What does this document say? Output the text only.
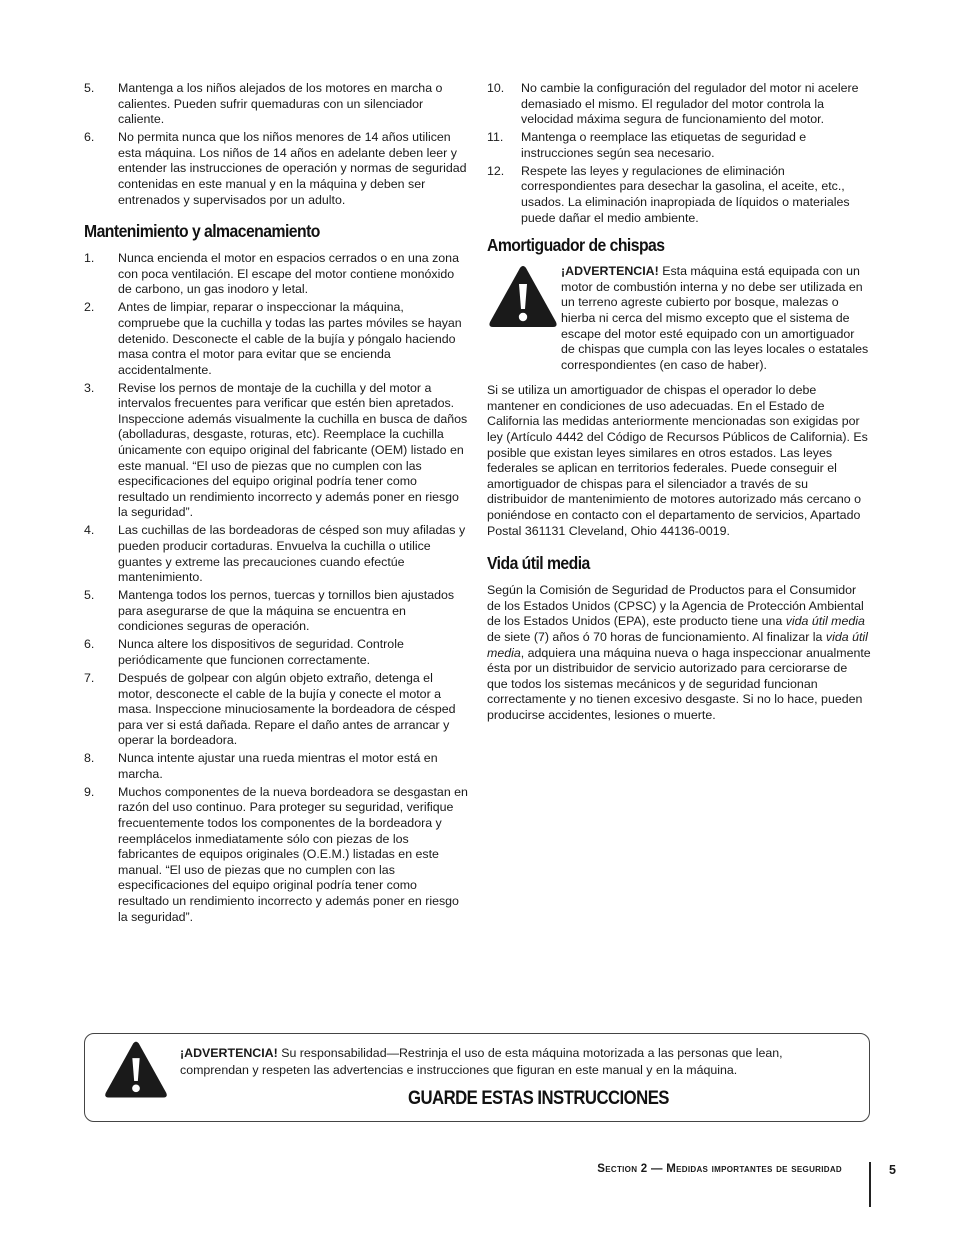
5. Mantenga a los niños alejados de los motores en marcha o calientes. Pueden sufrir quemaduras con un silenciador caliente.
6. No permita nunca que los niños menores de 14 años utilicen esta máquina. Los niños de 14 años en adelante deben leer y entender las instrucciones de operación y normas de seguridad contenidas en este manual y en la máquina y deben ser entrenados y supervisados por un adulto.
Mantenimiento y almacenamiento
1. Nunca encienda el motor en espacios cerrados o en una zona con poca ventilación. El escape del motor contiene monóxido de carbono, un gas inodoro y letal.
2. Antes de limpiar, reparar o inspeccionar la máquina, compruebe que la cuchilla y todas las partes móviles se hayan detenido. Desconecte el cable de la bujía y póngalo haciendo masa contra el motor para evitar que se encienda accidentalmente.
3. Revise los pernos de montaje de la cuchilla y del motor a intervalos frecuentes para verificar que estén bien apretados. Inspeccione además visualmente la cuchilla en busca de daños (abolladuras, desgaste, roturas, etc). Reemplace la cuchilla únicamente con equipo original del fabricante (OEM) listado en este manual. “El uso de piezas que no cumplen con las especificaciones del equipo original podría tener como resultado un rendimiento incorrecto y además poner en riesgo la seguridad”.
4. Las cuchillas de las bordeadoras de césped son muy afiladas y pueden producir cortaduras. Envuelva la cuchilla o utilice guantes y extreme las precauciones cuando efectúe mantenimiento.
5. Mantenga todos los pernos, tuercas y tornillos bien ajustados para asegurarse de que la máquina se encuentra en condiciones seguras de operación.
6. Nunca altere los dispositivos de seguridad. Controle periódicamente que funcionen correctamente.
7. Después de golpear con algún objeto extraño, detenga el motor, desconecte el cable de la bujía y conecte el motor a masa. Inspeccione minuciosamente la bordeadora de césped para ver si está dañada. Repare el daño antes de arrancar y operar la bordeadora.
8. Nunca intente ajustar una rueda mientras el motor está en marcha.
9. Muchos componentes de la nueva bordeadora se desgastan en razón del uso continuo. Para proteger su seguridad, verifique frecuentemente todos los componentes de la bordeadora y reemplácelos inmediatamente sólo con piezas de los fabricantes de equipos originales (O.E.M.) listadas en este manual. “El uso de piezas que no cumplen con las especificaciones del equipo original podría tener como resultado un rendimiento incorrecto y además poner en riesgo la seguridad”.
10. No cambie la configuración del regulador del motor ni acelere demasiado el mismo. El regulador del motor controla la velocidad máxima segura de funcionamiento del motor.
11. Mantenga o reemplace las etiquetas de seguridad e instrucciones según sea necesario.
12. Respete las leyes y regulaciones de eliminación correspondientes para desechar la gasolina, el aceite, etc., usados. La eliminación inapropiada de líquidos o materiales puede dañar el medio ambiente.
Amortiguador de chispas
¡ADVERTENCIA! Esta máquina está equipada con un motor de combustión interna y no debe ser utilizada en un terreno agreste cubierto por bosque, malezas o hierba ni cerca del mismo excepto que el sistema de escape del motor esté equipado con un amortiguador de chispas que cumpla con las leyes locales o estatales correspondientes (en caso de haber).

Si se utiliza un amortiguador de chispas el operador lo debe mantener en condiciones de uso adecuadas. En el Estado de California las medidas anteriormente mencionadas son exigidas por ley (Artículo 4442 del Código de Recursos Públicos de California). Es posible que existan leyes similares en otros estados. Las leyes federales se aplican en territorios federales. Puede conseguir el amortiguador de chispas para el silenciador a través de su distribuidor de mantenimiento de motores autorizado más cercano o poniéndose en contacto con el departamento de servicios, Apartado Postal 361131 Cleveland, Ohio 44136-0019.

Vida útil media

Según la Comisión de Seguridad de Productos para el Consumidor de los Estados Unidos (CPSC) y la Agencia de Protección Ambiental de los Estados Unidos (EPA), este producto tiene una vida útil media de siete (7) años ó 70 horas de funcionamiento. Al finalizar la vida útil media, adquiera una máquina nueva o haga inspeccionar anualmente ésta por un distribuidor de servicio autorizado para cerciorarse de que todos los sistemas mecánicos y de seguridad funcionan correctamente y no tienen excesivo desgaste. Si no lo hace, pueden producirse accidentes, lesiones o muerte.

¡ADVERTENCIA! Su responsabilidad—Restrinja el uso de esta máquina motorizada a las personas que lean, comprendan y respeten las advertencias e instrucciones que figuran en este manual y en la máquina.
GUARDE ESTAS INSTRUCCIONES
Section 2 — Medidas importantes de seguridad	5
